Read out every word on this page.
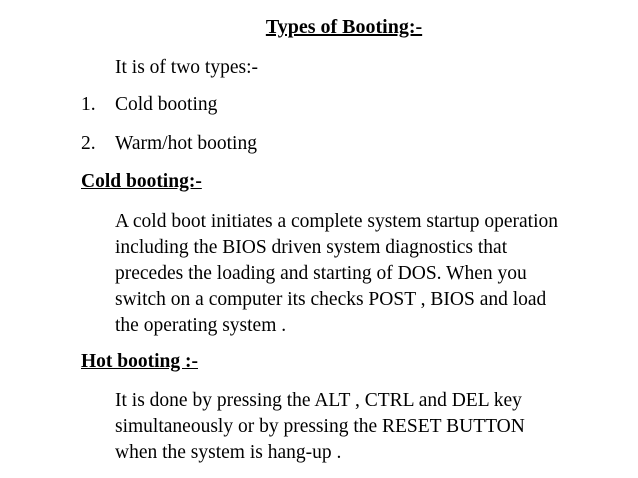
Types of Booting:-
It is of two types:-
1. Cold booting
2. Warm/hot booting
Cold booting:-
A cold boot initiates a complete system startup operation
including the BIOS driven system diagnostics that
precedes the loading and starting of DOS. When you
switch on a computer its checks POST , BIOS and load
the operating system .
Hot booting :-
It is done by pressing the ALT , CTRL and DEL key
simultaneously or by pressing the RESET BUTTON
when the system is hang-up .
